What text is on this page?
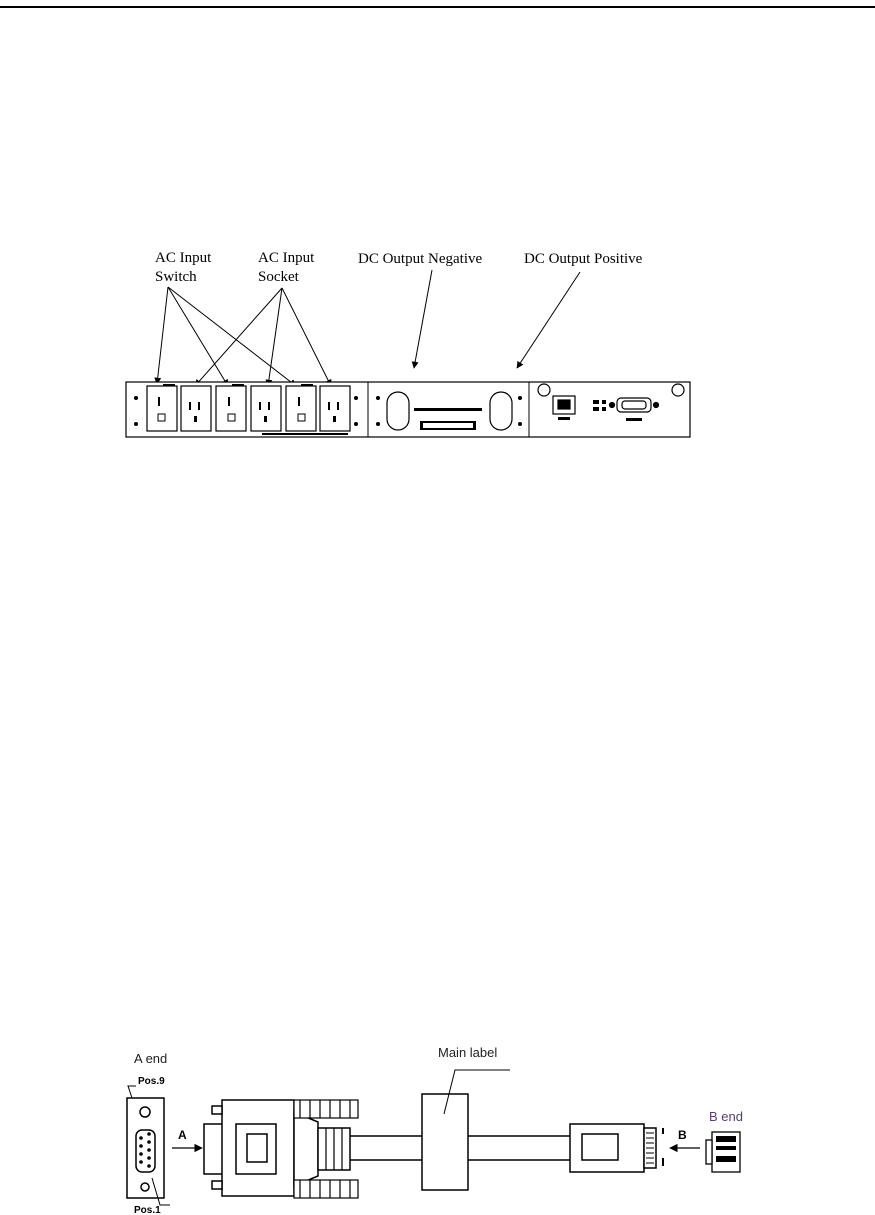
AC Input
Switch
AC Input
Socket
DC Output Negative	DC Output Positive
A end	Main label
B end
Pos.9
Pos.1
A	B
